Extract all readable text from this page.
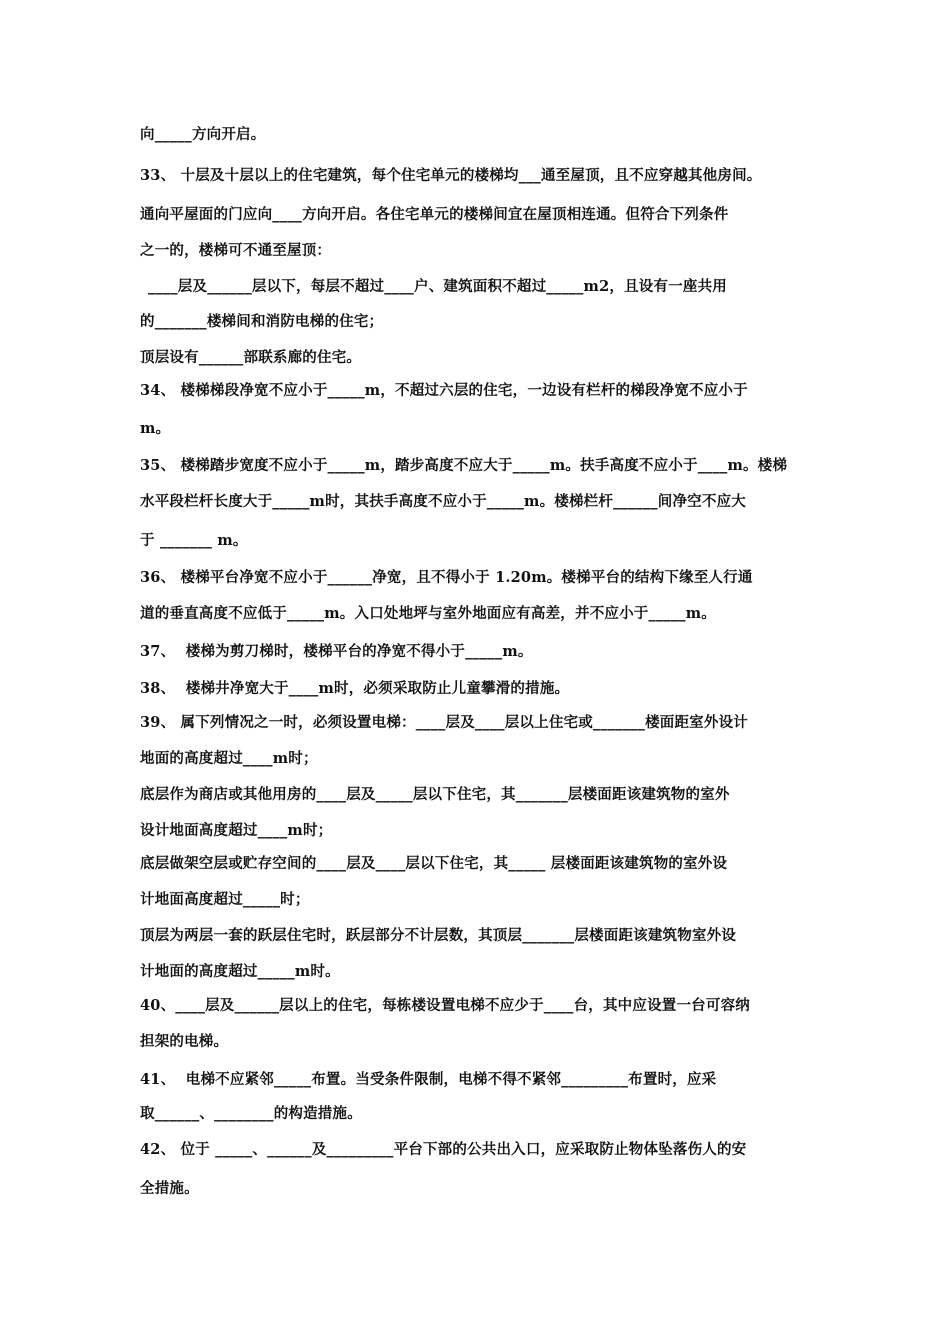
向_____方向开启。
33、 十层及十层以上的住宅建筑，每个住宅单元的楼梯均___通至屋顶，且不应穿越其他房间。
通向平屋面的门应向____方向开启。各住宅单元的楼梯间宜在屋顶相连通。但符合下列条件
之一的，楼梯可不通至屋顶：
____层及______层以下，每层不超过____户、建筑面积不超过_____m2，且设有一座共用
的_______楼梯间和消防电梯的住宅；
顶层设有______部联系廊的住宅。
34、 楼梯梯段净宽不应小于_____m，不超过六层的住宅，一边设有栏杆的梯段净宽不应小于
m。
35、 楼梯踏步宽度不应小于_____m，踏步高度不应大于_____m。扶手高度不应小于____m。楼梯
水平段栏杆长度大于_____m时，其扶手高度不应小于_____m。楼梯栏杆______间净空不应大
于 _______ m。
36、 楼梯平台净宽不应小于______净宽，且不得小于 1.20m。楼梯平台的结构下缘至人行通
道的垂直高度不应低于_____m。入口处地坪与室外地面应有高差，并不应小于_____m。
37、  楼梯为剪刀梯时，楼梯平台的净宽不得小于_____m。
38、  楼梯井净宽大于____m时，必须采取防止儿童攀滑的措施。
39、 属下列情况之一时，必须设置电梯：____层及____层以上住宅或_______楼面距室外设计
地面的高度超过____m时；
底层作为商店或其他用房的____层及_____层以下住宅，其_______层楼面距该建筑物的室外
设计地面高度超过____m时；
底层做架空层或贮存空间的____层及____层以下住宅，其_____ 层楼面距该建筑物的室外设
计地面高度超过_____时；
顶层为两层一套的跃层住宅时，跃层部分不计层数，其顶层_______层楼面距该建筑物室外设
计地面的高度超过_____m时。
40、____层及______层以上的住宅，每栋楼设置电梯不应少于____台，其中应设置一台可容纳
担架的电梯。
41、  电梯不应紧邻_____布置。当受条件限制，电梯不得不紧邻_________布置时，应采
取______、________的构造措施。
42、 位于 _____、______及_________平台下部的公共出入口，应采取防止物体坠落伤人的安
全措施。
